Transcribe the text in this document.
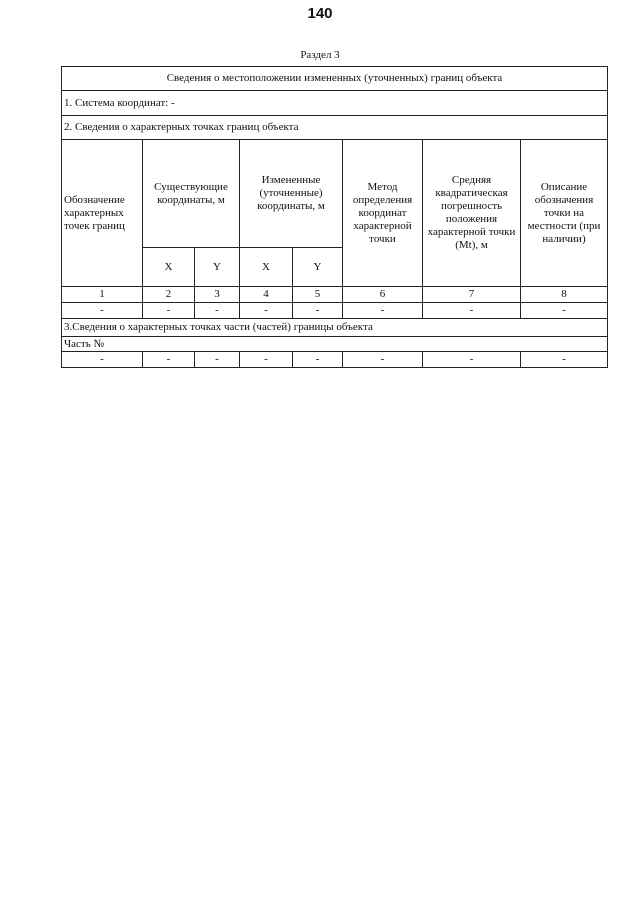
140
Раздел 3
Сведения о местоположении измененных (уточненных) границ объекта							
1. Система координат: -							
2. Сведения о характерных точках границ объекта							
Обозначение характерных точек границ	Существующие координаты, м		Измененные (уточненные) координаты, м		Метод определения координат характерной точки	Средняя квадратическая погрешность положения характерной точки (Mt), м	Описание обозначения точки на местности (при наличии)
	X	Y	X	Y			
1	2	3	4	5	6	7	8
-	-	-	-	-	-	-	-
3.Сведения о характерных точках части (частей) границы объекта							
Часть №							
-	-	-	-	-	-	-	-
